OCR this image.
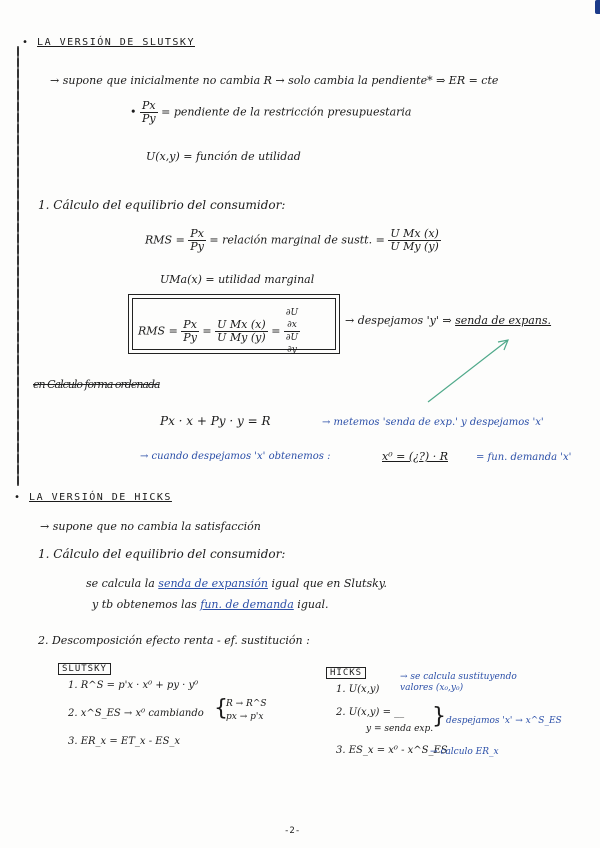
• LA VERSIÓN DE SLUTSKY
→ supone que inicialmente no cambia R → solo cambia la pendiente* ⇒ ER = cte
• $\frac{Px}{Py}$ = pendiente de la restricción presupuestaria
U(x,y) = función de utilidad
1. Cálculo del equilibrio del consumidor:
RMS = $\frac{Px}{Py}$ = relación marginal de sustt. = $\frac{\text{U Mx (x)}}{\text{U My (y)}}$
UMa(x) = utilidad marginal
RMS = $\frac{Px}{Py} = \frac{\text{U Mx (x)}}{\text{U My (y)}}$ =
∂U
∂x
∂U
∂y
→ despejamos 'y' ⇒ senda de expans.
en Calculo forma ordenada
Px · x + Py · y = R	→ metemos 'senda de exp.' y despejamos 'x'
→ cuando despejamos 'x' obtenemos :	x⁰ = (¿?) · R	= fun. demanda 'x'
• LA VERSIÓN DE HICKS
→ supone que no cambia la satisfacción
1. Cálculo del equilibrio del consumidor:
se calcula la senda de expansión igual que en Slutsky.
y tb obtenemos las fun. de demanda igual.
2. Descomposición efecto renta - ef. sustitución :
SLUTSKY
1. R^S = p'x · x⁰ + py · y⁰
2. x^S_ES → x⁰ cambiando {
R → R^S
px → p'x
3. ER_x = ET_x - ES_x
HICKS
1. U(x,y)
→ se calcula sustituyendo valores (x₀,y₀)
2. U(x,y) = __
y = senda exp.
} despejamos 'x' → x^S_ES
3. ES_x = x⁰ - x^S_ES
→ calculo ER_x
-2-
